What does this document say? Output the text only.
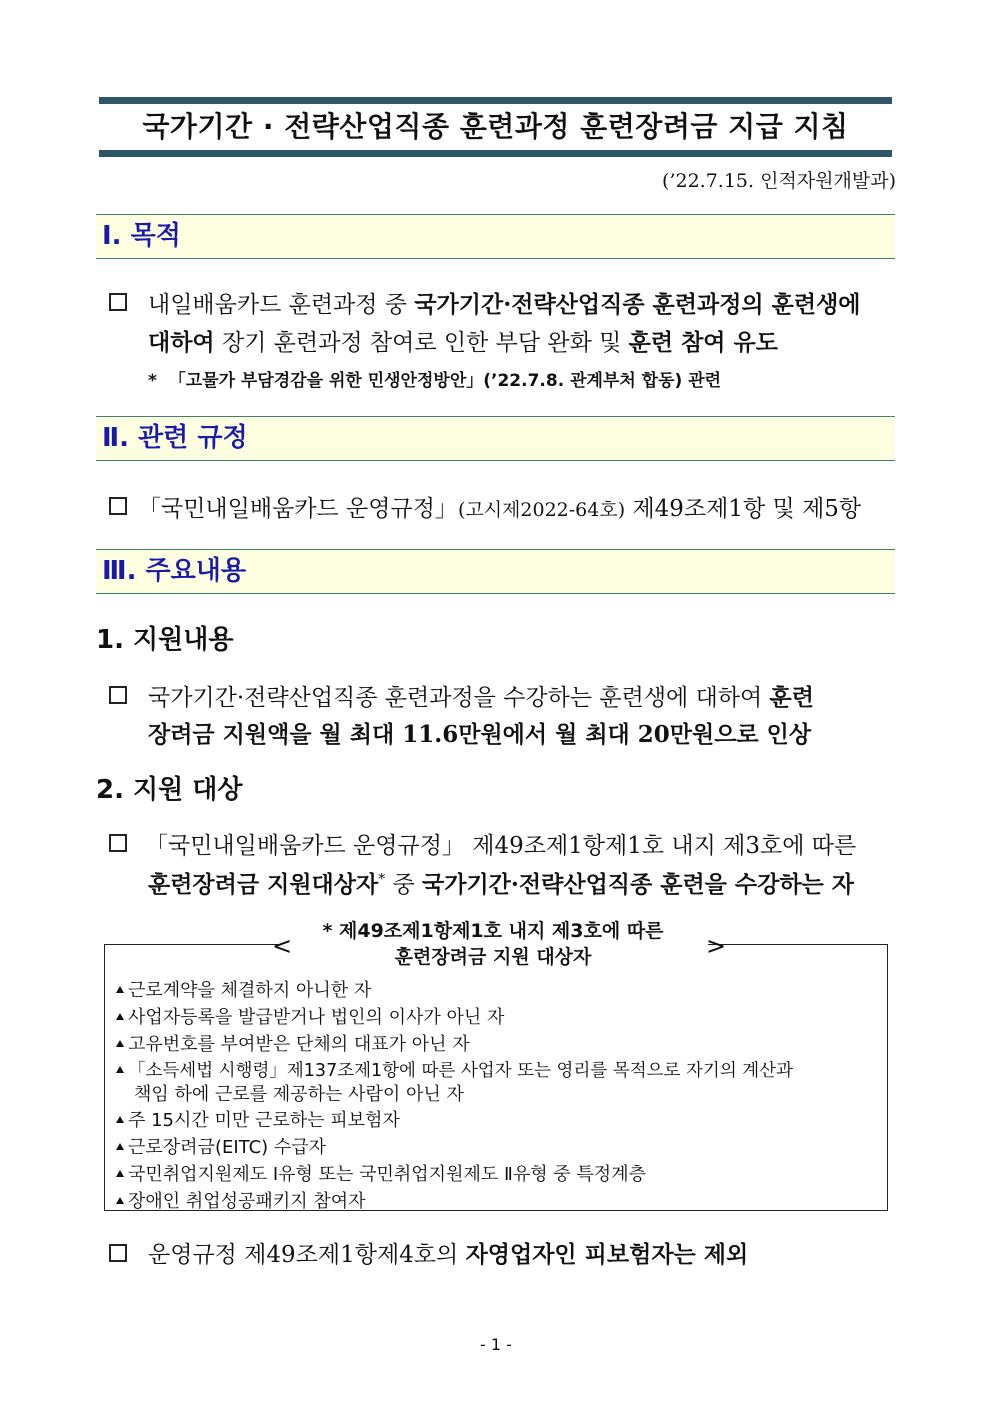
국가기간 · 전략산업직종 훈련과정 훈련장려금 지급 지침
(’22.7.15. 인적자원개발과)
Ⅰ. 목적
내일배움카드 훈련과정 중 국가기간·전략산업직종 훈련과정의 훈련생에
대하여 장기 훈련과정 참여로 인한 부담 완화 및 훈련 참여 유도
* 「고물가 부담경감을 위한 민생안정방안」(’22.7.8. 관계부처 합동) 관련
Ⅱ. 관련 규정
「국민내일배움카드 운영규정」(고시제2022-64호) 제49조제1항 및 제5항
Ⅲ. 주요내용
1. 지원내용
국가기간·전략산업직종 훈련과정을 수강하는 훈련생에 대하여 훈련
장려금 지원액을 월 최대 11.6만원에서 월 최대 20만원으로 인상
2. 지원 대상
「국민내일배움카드 운영규정」 제49조제1항제1호 내지 제3호에 따른
훈련장려금 지원대상자* 중 국가기간·전략산업직종 훈련을 수강하는 자
<	>
* 제49조제1항제1호 내지 제3호에 따른
훈련장려금 지원 대상자
근로계약을 체결하지 아니한 자
사업자등록을 발급받거나 법인의 이사가 아닌 자
고유번호를 부여받은 단체의 대표가 아닌 자
「소득세법 시행령」제137조제1항에 따른 사업자 또는 영리를 목적으로 자기의 계산과
책임 하에 근로를 제공하는 사람이 아닌 자
주 15시간 미만 근로하는 피보험자
근로장려금(EITC) 수급자
국민취업지원제도 Ⅰ유형 또는 국민취업지원제도 Ⅱ유형 중 특정계층
장애인 취업성공패키지 참여자
운영규정 제49조제1항제4호의 자영업자인 피보험자는 제외
- 1 -
